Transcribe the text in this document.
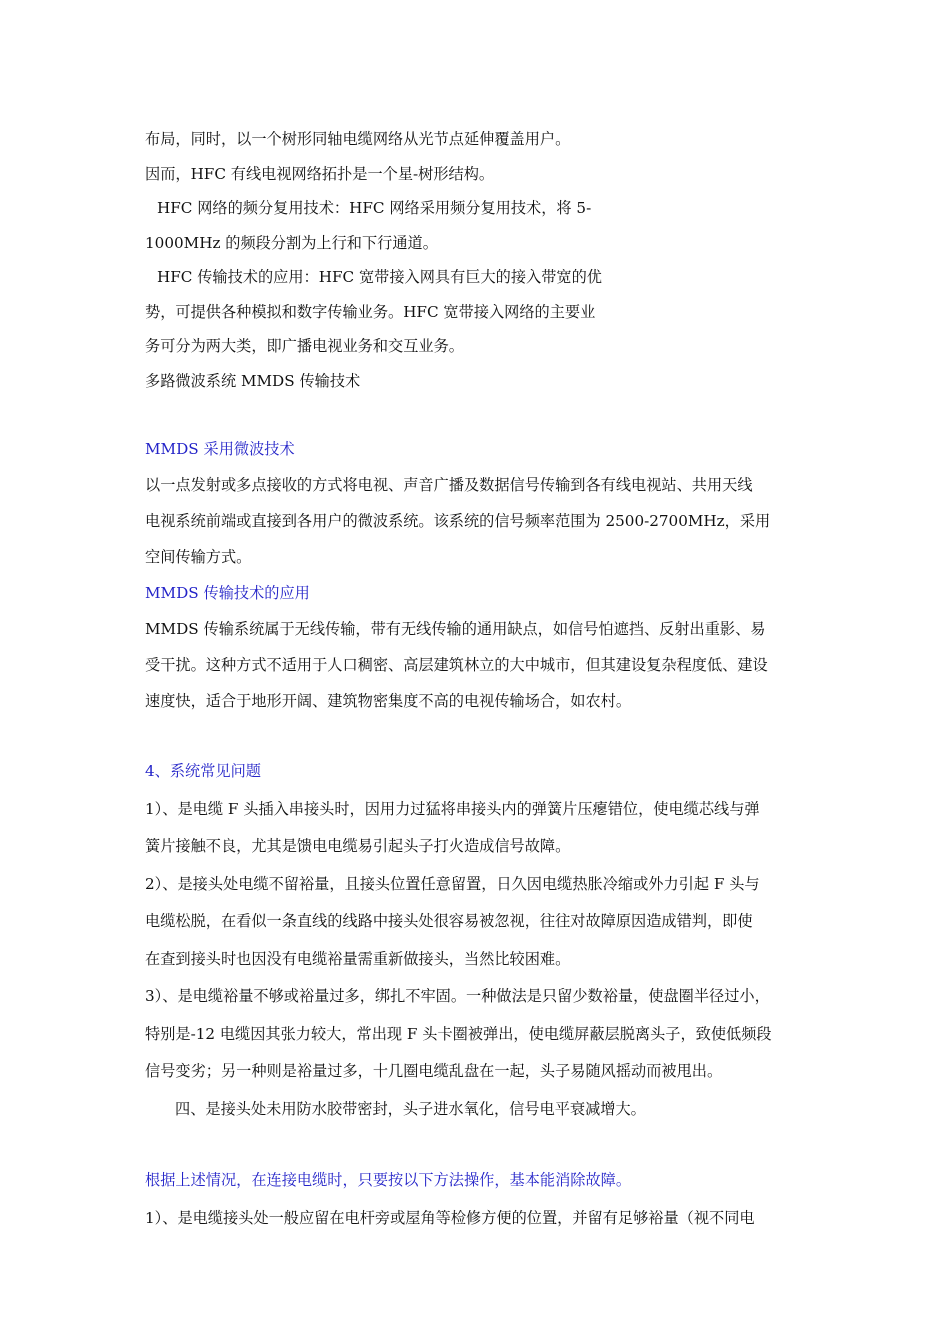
布局，同时，以一个树形同轴电缆网络从光节点延伸覆盖用户。

因而，HFC 有线电视网络拓扑是一个星-树形结构。

HFC 网络的频分复用技术：HFC 网络采用频分复用技术，将 5-

1000MHz 的频段分割为上行和下行通道。

HFC 传输技术的应用：HFC 宽带接入网具有巨大的接入带宽的优

势，可提供各种模拟和数字传输业务。HFC 宽带接入网络的主要业

务可分为两大类，即广播电视业务和交互业务。

多路微波系统 MMDS 传输技术

MMDS 采用微波技术

以一点发射或多点接收的方式将电视、声音广播及数据信号传输到各有线电视站、共用天线

电视系统前端或直接到各用户的微波系统。该系统的信号频率范围为 2500-2700MHz，采用

空间传输方式。

MMDS 传输技术的应用

MMDS 传输系统属于无线传输，带有无线传输的通用缺点，如信号怕遮挡、反射出重影、易

受干扰。这种方式不适用于人口稠密、高层建筑林立的大中城市，但其建设复杂程度低、建设

速度快，适合于地形开阔、建筑物密集度不高的电视传输场合，如农村。

4、系统常见问题

1）、是电缆 F 头插入串接头时，因用力过猛将串接头内的弹簧片压瘪错位，使电缆芯线与弹

簧片接触不良，尤其是馈电电缆易引起头子打火造成信号故障。

2）、是接头处电缆不留裕量，且接头位置任意留置，日久因电缆热胀冷缩或外力引起 F 头与

电缆松脱，在看似一条直线的线路中接头处很容易被忽视，往往对故障原因造成错判，即使

在查到接头时也因没有电缆裕量需重新做接头，当然比较困难。

3）、是电缆裕量不够或裕量过多，绑扎不牢固。一种做法是只留少数裕量，使盘圈半径过小，

特别是-12 电缆因其张力较大，常出现 F 头卡圈被弹出，使电缆屏蔽层脱离头子，致使低频段

信号变劣；另一种则是裕量过多，十几圈电缆乱盘在一起，头子易随风摇动而被甩出。

四、是接头处未用防水胶带密封，头子进水氧化，信号电平衰减增大。

根据上述情况，在连接电缆时，只要按以下方法操作，基本能消除故障。

1）、是电缆接头处一般应留在电杆旁或屋角等检修方便的位置，并留有足够裕量（视不同电
